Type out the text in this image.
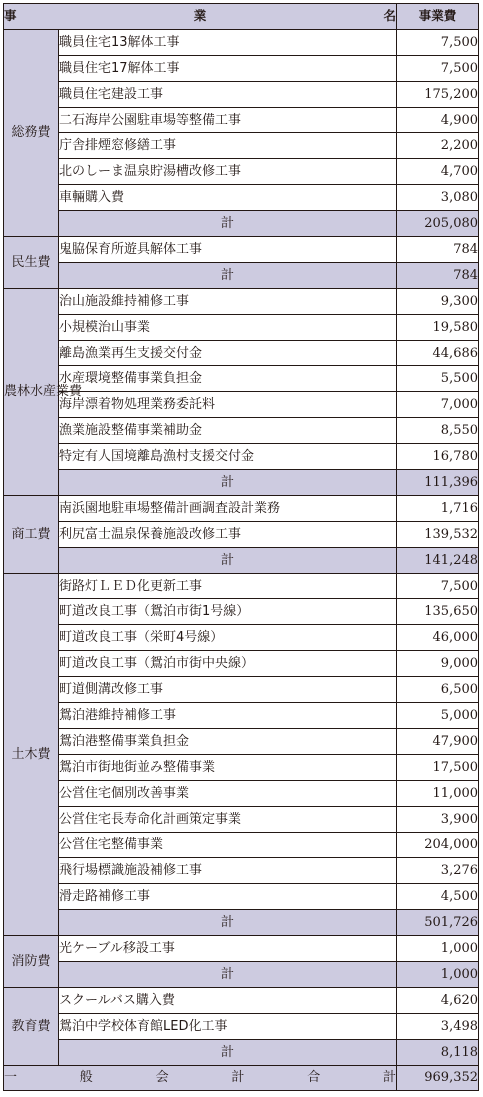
事　　業　　名		事業費
総務費	職員住宅13解体工事	7,500
	職員住宅17解体工事	7,500
	職員住宅建設工事	175,200
	二石海岸公園駐車場等整備工事	4,900
	庁舎排煙窓修繕工事	2,200
	北のしーま温泉貯湯槽改修工事	4,700
	車輛購入費	3,080
	計	205,080
民生費	鬼脇保育所遊具解体工事	784
	計	784
農林水産業費	治山施設維持補修工事	9,300
	小規模治山事業	19,580
	離島漁業再生支援交付金	44,686
	水産環境整備事業負担金	5,500
	海岸漂着物処理業務委託料	7,000
	漁業施設整備事業補助金	8,550
	特定有人国境離島漁村支援交付金	16,780
	計	111,396
商工費	南浜園地駐車場整備計画調査設計業務	1,716
	利尻富士温泉保養施設改修工事	139,532
	計	141,248
土木費	街路灯ＬＥＤ化更新工事	7,500
	町道改良工事（鴛泊市街1号線）	135,650
	町道改良工事（栄町4号線）	46,000
	町道改良工事（鴛泊市街中央線）	9,000
	町道側溝改修工事	6,500
	鴛泊港維持補修工事	5,000
	鴛泊港整備事業負担金	47,900
	鴛泊市街地街並み整備事業	17,500
	公営住宅個別改善事業	11,000
	公営住宅長寿命化計画策定事業	3,900
	公営住宅整備事業	204,000
	飛行場標識施設補修工事	3,276
	滑走路補修工事	4,500
	計	501,726
消防費	光ケーブル移設工事	1,000
	計	1,000
教育費	スクールバス購入費	4,620
	鴛泊中学校体育館LED化工事	3,498
	計	8,118
一般会計合計		969,352
